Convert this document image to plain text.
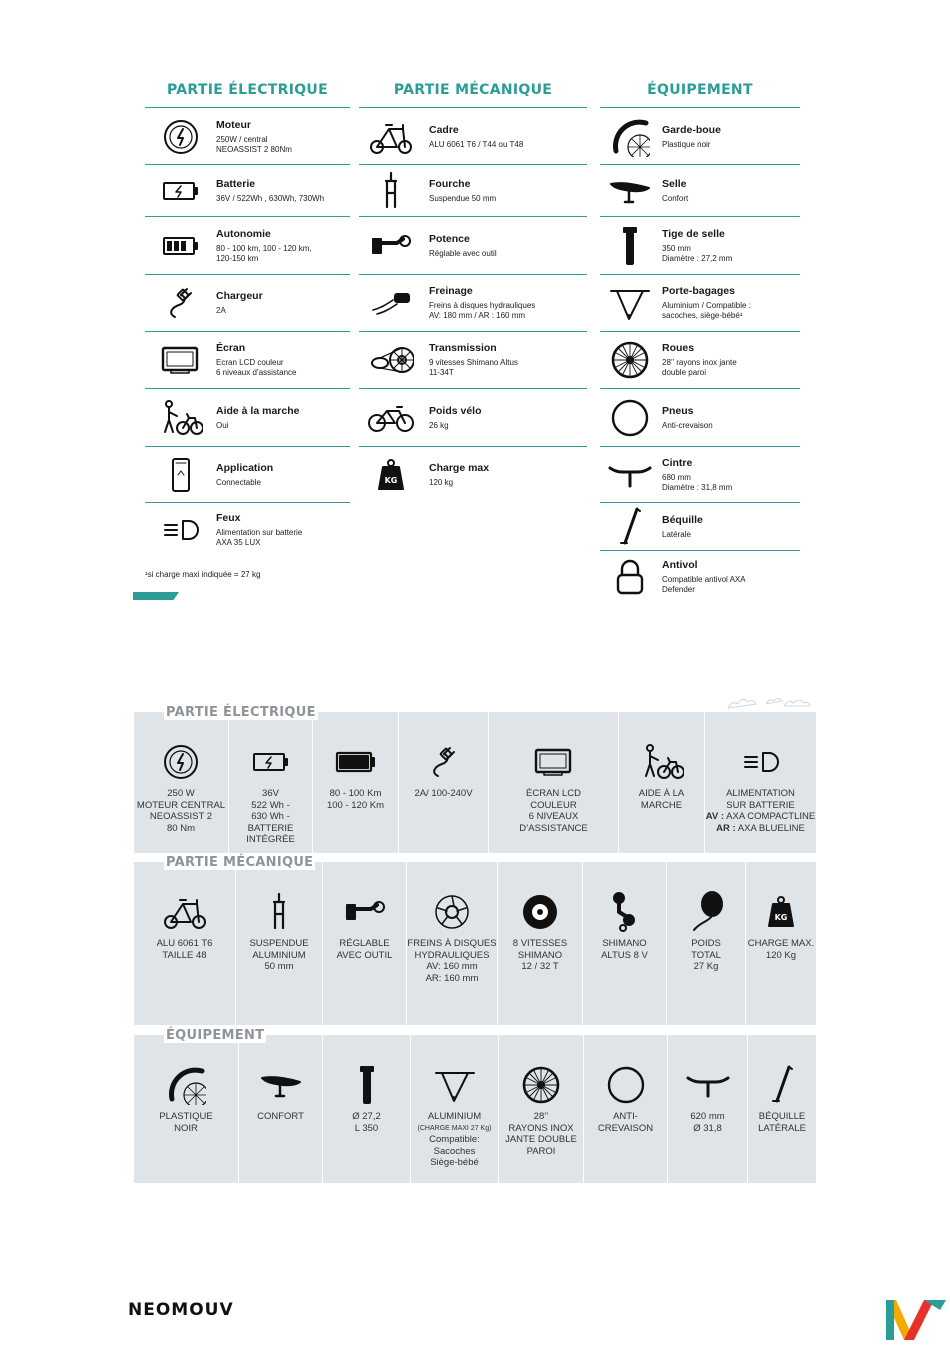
PARTIE ÉLECTRIQUE
Moteur
250W / central
NEOASSIST 2 80Nm
Batterie
36V / 522Wh , 630Wh, 730Wh
Autonomie
80 - 100 km, 100 - 120 km,
120-150 km
Chargeur
2A
Écran
Ecran LCD couleur
6 niveaux d’assistance
Aide à la marche
Oui
Application
Connectable
Feux
Alimentation sur batterie
AXA 35 LUX
¹si charge maxi indiquée = 27 kg
PARTIE MÉCANIQUE
Cadre
ALU 6061 T6 / T44 ou T48
Fourche
Suspendue 50 mm
Potence
Réglable avec outil
Freinage
Freins à disques hydrauliques
AV: 180 mm / AR : 160 mm
Transmission
9 vitesses Shimano Altus
11-34T
Poids vélo
26 kg
KG
Charge max
120 kg
ÉQUIPEMENT
Garde-boue
Plastique noir
Selle
Confort
Tige de selle
350 mm
Diamètre : 27,2 mm
Porte-bagages
Aluminium / Compatible :
sacoches, siège-bébé¹
Roues
28’’ rayons inox jante
double paroi
Pneus
Anti-crevaison
Cintre
680 mm
Diamètre : 31,8 mm
Béquille
Latérale
Antivol
Compatible antivol AXA
Defender
250 W
MOTEUR CENTRAL
NEOASSIST 2
80 Nm
36V
522 Wh -
630 Wh -
BATTERIE
INTÉGRÉE
80 - 100 Km
100 - 120 Km
2A/ 100-240V	ÉCRAN LCD
COULEUR
6 NIVEAUX
D’ASSISTANCE
AIDE À LA
MARCHE
ALIMENTATION
SUR BATTERIE
AV : AXA COMPACTLINE
AR : AXA BLUELINE
PARTIE ÉLECTRIQUE
ALU 6061 T6
TAILLE 48
SUSPENDUE
ALUMINIUM
50 mm
RÉGLABLE
AVEC OUTIL
FREINS À DISQUES
HYDRAULIQUES
AV: 160 mm
AR: 160 mm
8 VITESSES
SHIMANO
12 / 32 T
SHIMANO
ALTUS 8 V
POIDS
TOTAL
27 Kg
KG
CHARGE MAX.
120 Kg
PARTIE MÉCANIQUE
PLASTIQUE
NOIR
CONFORT	Ø 27,2
L 350
ALUMINIUM
(CHARGE MAXI 27 Kg)
Compatible:
Sacoches
Siège-bébé
28’’
RAYONS INOX
JANTE DOUBLE
PAROI
ANTI-
CREVAISON
620 mm
Ø 31,8
BÉQUILLE
LATÉRALE
ÉQUIPEMENT
NEOMOUV
